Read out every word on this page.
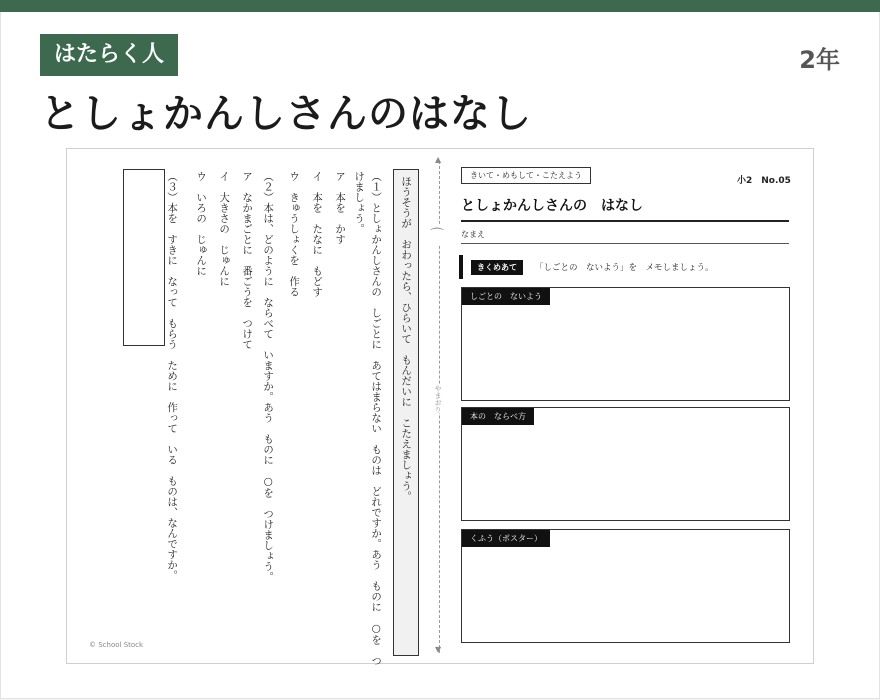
はたらく人	2年
としょかんしさんのはなし
（３）本を　すきに　なって　もらう　ために　作って　いる　ものは、なんですか。 ウ　いろの　じゅんに イ　大きさの　じゅんに ア　なかまごとに　番ごうを　つけて （２）本は、どのように　ならべて　いますか。あう　ものに　○を　つけましょう。 ウ　きゅうしょくを　作る イ　本を　たなに　もどす ア　本を　かす けましょう。 （１）としょかんしさんの　しごとに　あてはまらない　ものは　どれですか。あう　ものに　○を　つ ほうそうが　おわったら、ひらいて　もんだいに　こたえましょう。
© School Stock
▲
▼
⌒
やまおり
きいて・めもして・こたえよう
小2　No.05
としょかんしさんの　はなし
なまえ
きくめあて	「しごとの　ないよう」を　メモしましょう。
しごとの　ないよう
本の　ならべ方
くふう（ポスター）
